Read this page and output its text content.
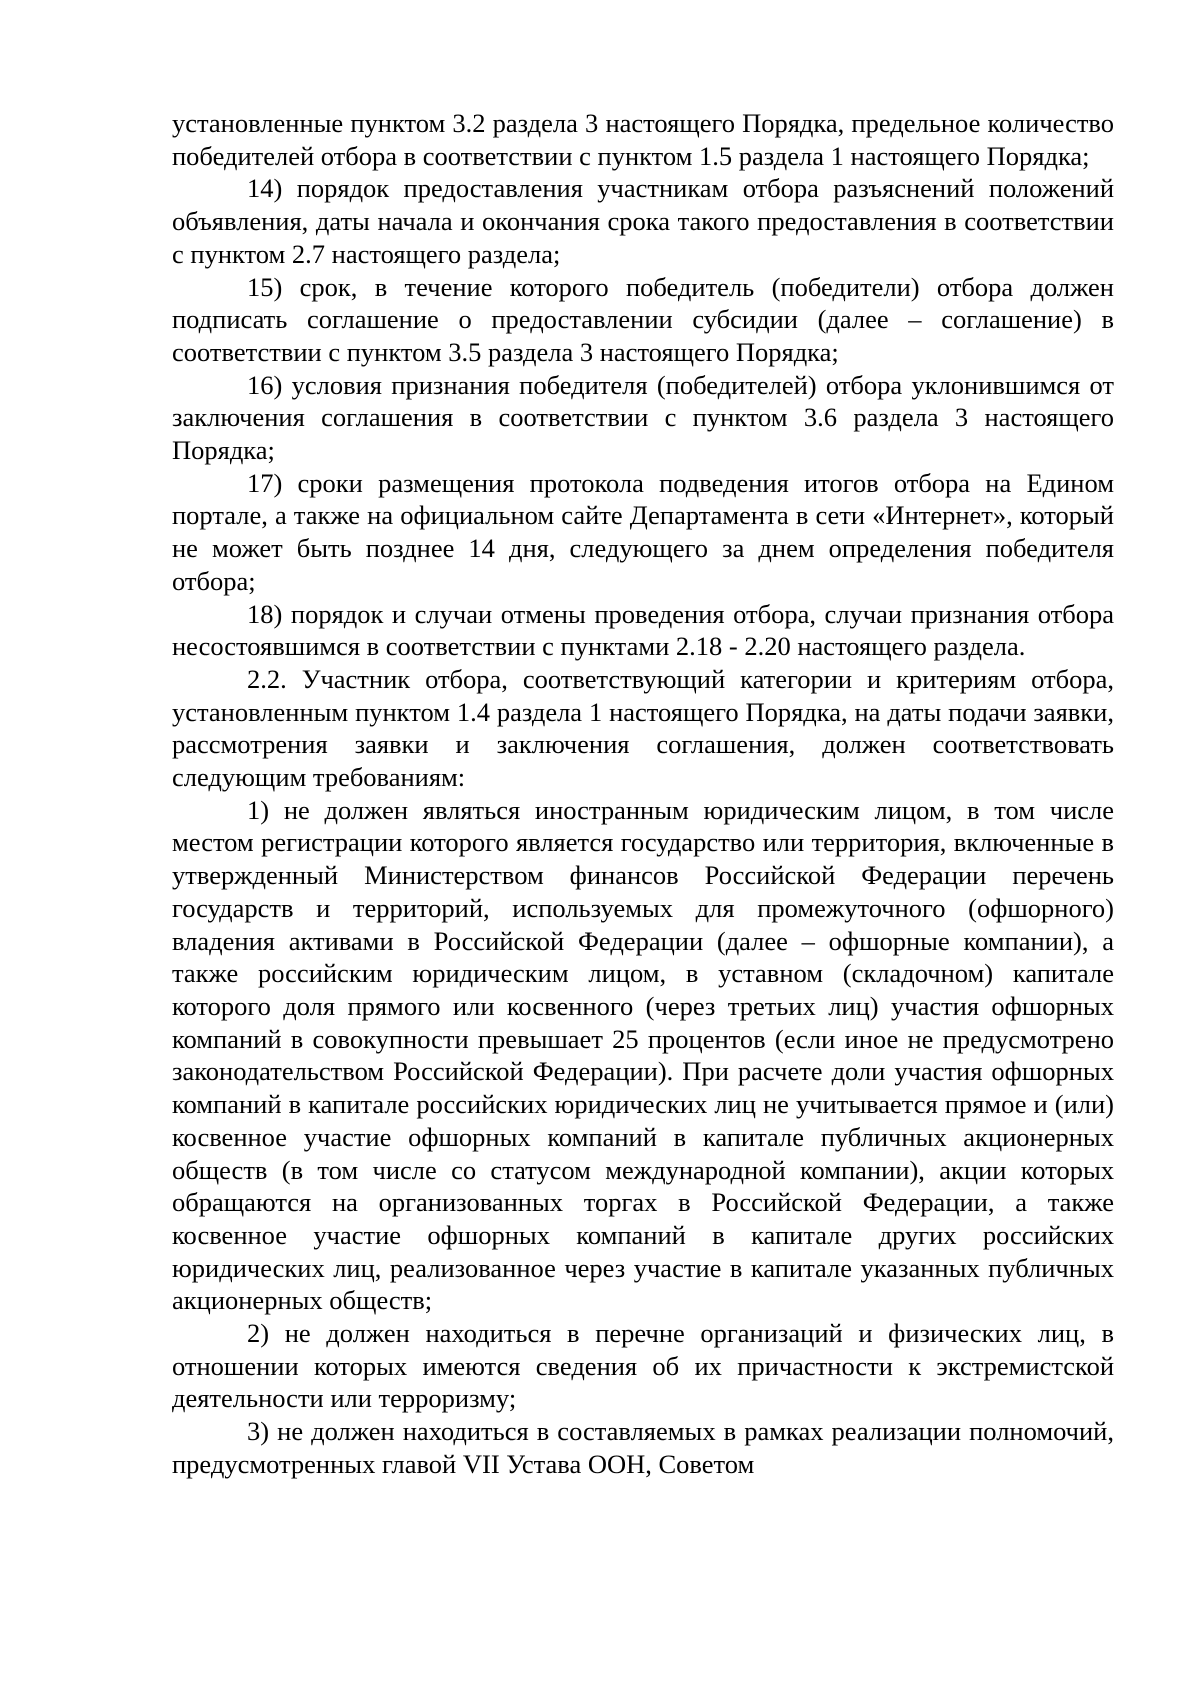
установленные пунктом 3.2 раздела 3 настоящего Порядка, предельное количество победителей отбора в соответствии с пунктом 1.5 раздела 1 настоящего Порядка;

14) порядок предоставления участникам отбора разъяснений положений объявления, даты начала и окончания срока такого предоставления в соответствии с пунктом 2.7 настоящего раздела;

15) срок, в течение которого победитель (победители) отбора должен подписать соглашение о предоставлении субсидии (далее – соглашение) в соответствии с пунктом 3.5 раздела 3 настоящего Порядка;

16) условия признания победителя (победителей) отбора уклонившимся от заключения соглашения в соответствии с пунктом 3.6 раздела 3 настоящего Порядка;

17) сроки размещения протокола подведения итогов отбора на Едином портале, а также на официальном сайте Департамента в сети «Интернет», который не может быть позднее 14 дня, следующего за днем определения победителя отбора;

18) порядок и случаи отмены проведения отбора, случаи признания отбора несостоявшимся в соответствии с пунктами 2.18 - 2.20 настоящего раздела.

2.2. Участник отбора, соответствующий категории и критериям отбора, установленным пунктом 1.4 раздела 1 настоящего Порядка, на даты подачи заявки, рассмотрения заявки и заключения соглашения, должен соответствовать следующим требованиям:

1) не должен являться иностранным юридическим лицом, в том числе местом регистрации которого является государство или территория, включенные в утвержденный Министерством финансов Российской Федерации перечень государств и территорий, используемых для промежуточного (офшорного) владения активами в Российской Федерации (далее – офшорные компании), а также российским юридическим лицом, в уставном (складочном) капитале которого доля прямого или косвенного (через третьих лиц) участия офшорных компаний в совокупности превышает 25 процентов (если иное не предусмотрено законодательством Российской Федерации). При расчете доли участия офшорных компаний в капитале российских юридических лиц не учитывается прямое и (или) косвенное участие офшорных компаний в капитале публичных акционерных обществ (в том числе со статусом международной компании), акции которых обращаются на организованных торгах в Российской Федерации, а также косвенное участие офшорных компаний в капитале других российских юридических лиц, реализованное через участие в капитале указанных публичных акционерных обществ;

2) не должен находиться в перечне организаций и физических лиц, в отношении которых имеются сведения об их причастности к экстремистской деятельности или терроризму;

3) не должен находиться в составляемых в рамках реализации полномочий, предусмотренных главой VII Устава ООН, Советом
